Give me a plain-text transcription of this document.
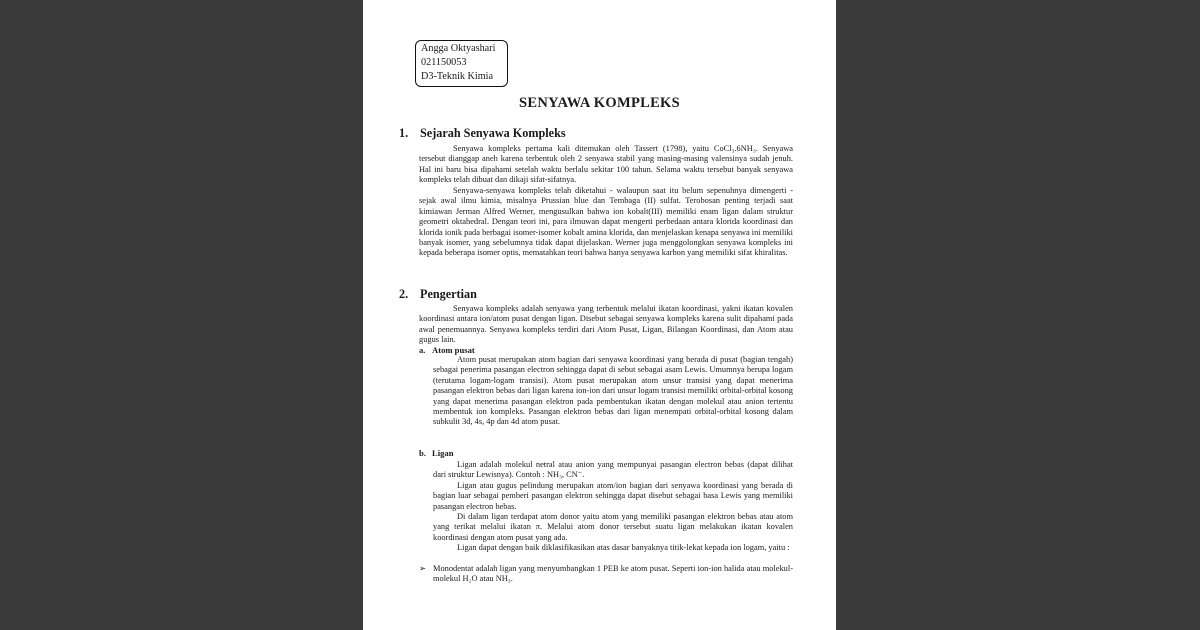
Angga Oktyashari
021150053
D3-Teknik Kimia
SENYAWA KOMPLEKS
1. Sejarah Senyawa Kompleks
Senyawa kompleks pertama kali ditemukan oleh Tassert (1798), yaitu CoCl₃.6NH₃. Senyawa tersebut dianggap aneh karena terbentuk oleh 2 senyawa stabil yang masing-masing valensinya sudah jenuh. Hal ini baru bisa dipahami setelah waktu berlalu sekitar 100 tahun. Selama waktu tersebut banyak senyawa kompleks telah dibuat dan dikaji sifat-sifatnya.
Senyawa-senyawa kompleks telah diketahui - walaupun saat itu belum sepenuhnya dimengerti - sejak awal ilmu kimia, misalnya Prussian blue dan Tembaga (II) sulfat. Terobosan penting terjadi saat kimiawan Jerman Alfred Werner, mengusulkan bahwa ion kobalt(III) memiliki enam ligan dalam struktur geometri oktahedral. Dengan teori ini, para ilmuwan dapat mengerti perbedaan antara klorida koordinasi dan klorida ionik pada berbagai isomer-isomer kobalt amina klorida, dan menjelaskan kenapa senyawa ini memiliki banyak isomer, yang sebelumnya tidak dapat dijelaskan. Werner juga menggolongkan senyawa kompleks ini kepada beberapa isomer optis, mematahkan teori bahwa hanya senyawa karbon yang memiliki sifat khiralitas.
2. Pengertian
Senyawa kompleks adalah senyawa yang terbentuk melalui ikatan koordinasi, yakni ikatan kovalen koordinasi antara ion/atom pusat dengan ligan. Disebut sebagai senyawa kompleks karena sulit dipahami pada awal penemuannya. Senyawa kompleks terdiri dari Atom Pusat, Ligan, Bilangan Koordinasi, dan Atom atau gugus lain.
a. Atom pusat
Atom pusat merupakan atom bagian dari senyawa koordinasi yang berada di pusat (bagian tengah) sebagai penerima pasangan electron sehingga dapat di sebut sebagai asam Lewis. Umumnya berupa logam (terutama logam-logam transisi). Atom pusat merupakan atom unsur transisi yang dapat menerima pasangan elektron bebas dari ligan karena ion-ion dari unsur logam transisi memiliki orbital-orbital kosong yang dapat menerima pasangan elektron pada pembentukan ikatan dengan molekul atau anion tertentu membentuk ion kompleks. Pasangan elektron bebas dari ligan menempati orbital-orbital kosong dalam subkulit 3d, 4s, 4p dan 4d atom pusat.
b. Ligan
Ligan adalah molekul netral atau anion yang mempunyai pasangan electron bebas (dapat dilihat dari struktur Lewisnya). Contoh : NH₃, CN⁻.
Ligan atau gugus pelindung merupakan atom/ion bagian dari senyawa koordinasi yang berada di bagian luar sebagai pemberi pasangan elektron sehingga dapat disebut sebagai basa Lewis yang memiliki pasangan electron bebas.
Di dalam ligan terdapat atom donor yaitu atom yang memiliki pasangan elektron bebas atau atom yang terikat melalui ikatan π. Melalui atom donor tersebut suatu ligan melakukan ikatan kovalen koordinasi dengan atom pusat yang ada.
Ligan dapat dengan baik diklasifikasikan atas dasar banyaknya titik-lekat kepada ion logam, yaitu :
➢ Monodentat adalah ligan yang menyumbangkan 1 PEB ke atom pusat. Seperti ion-ion halida atau molekul-molekul H₂O atau NH₃.
